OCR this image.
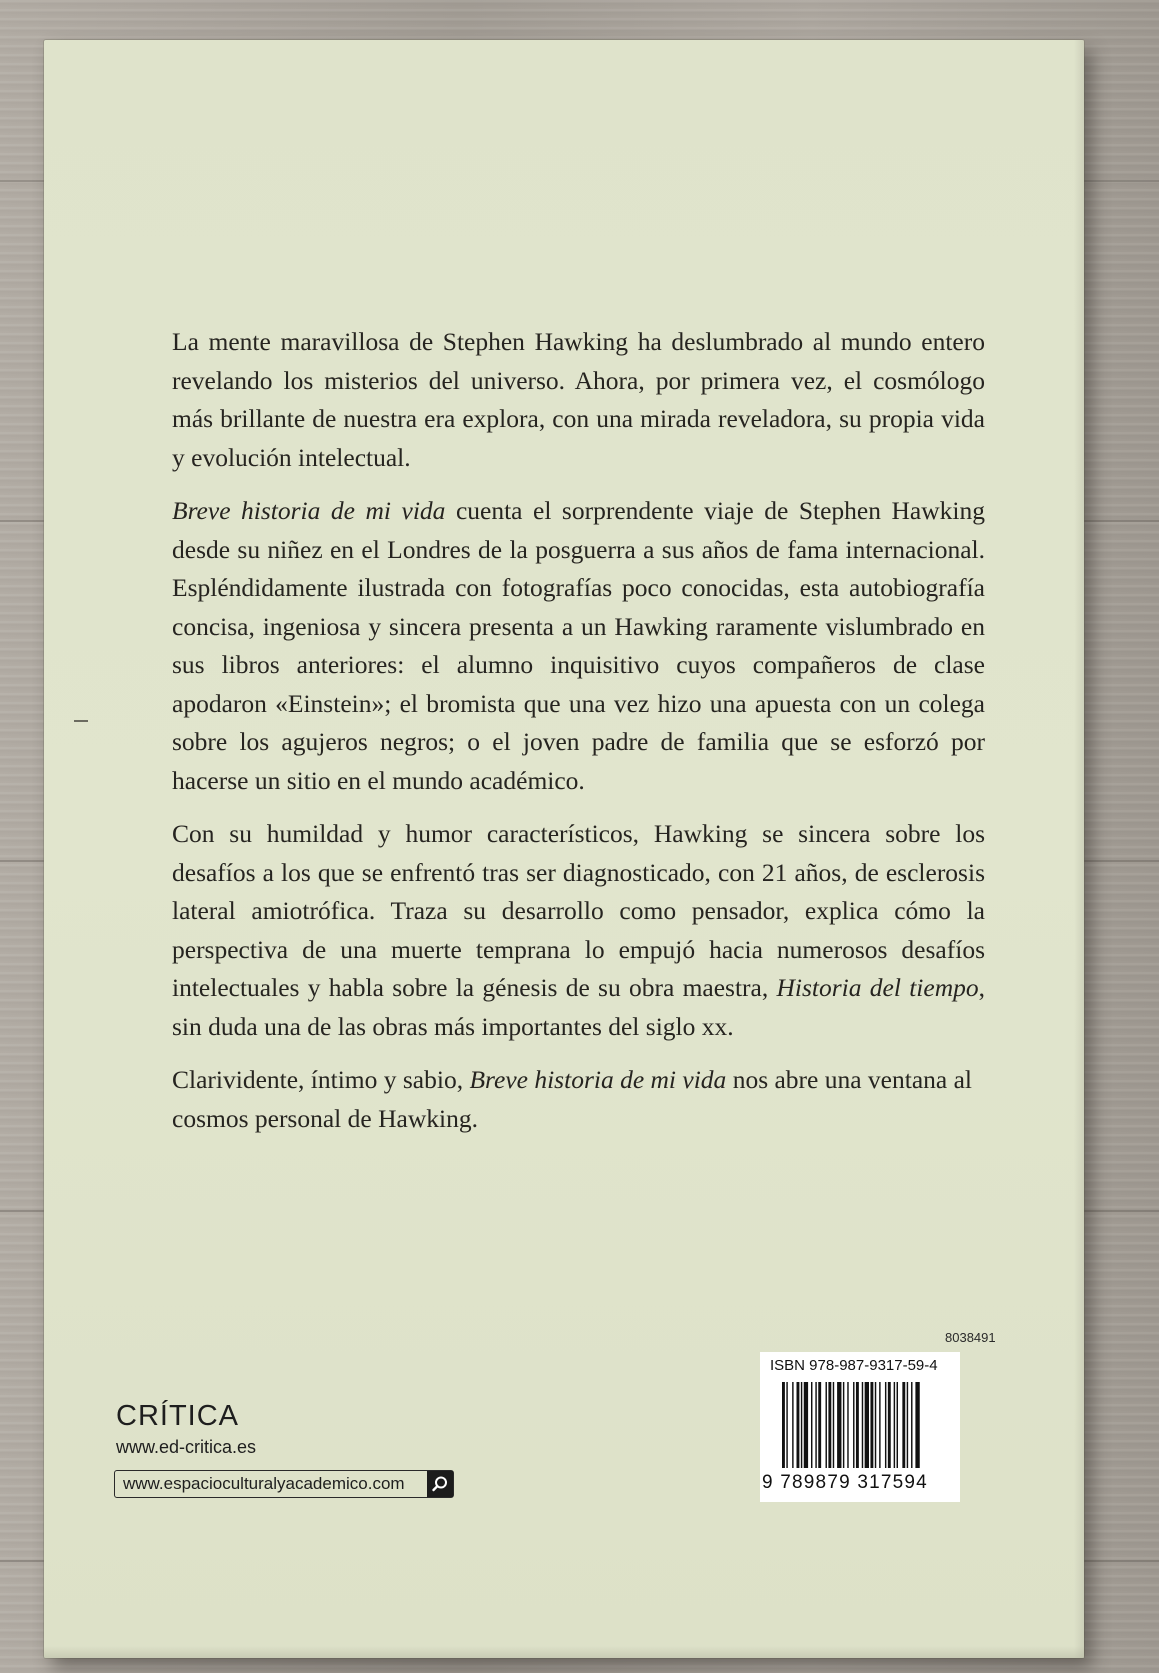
La mente maravillosa de Stephen Hawking ha deslumbrado al mundo entero revelando los misterios del universo. Ahora, por primera vez, el cosmólogo más brillante de nuestra era explora, con una mirada reveladora, su propia vida y evolución intelectual.

Breve historia de mi vida cuenta el sorprendente viaje de Stephen Hawking desde su niñez en el Londres de la posguerra a sus años de fama internacional. Espléndidamente ilustrada con fotografías poco conocidas, esta autobiografía concisa, ingeniosa y sincera presenta a un Hawking raramente vislumbrado en sus libros anteriores: el alumno inquisitivo cuyos compañeros de clase apodaron «Einstein»; el bromista que una vez hizo una apuesta con un colega sobre los agujeros negros; o el joven padre de familia que se esforzó por hacerse un sitio en el mundo académico.

Con su humildad y humor característicos, Hawking se sincera sobre los desafíos a los que se enfrentó tras ser diagnosticado, con 21 años, de esclerosis lateral amiotrófica. Traza su desarrollo como pensador, explica cómo la perspectiva de una muerte temprana lo empujó hacia numerosos desafíos intelectuales y habla sobre la génesis de su obra maestra, Historia del tiempo, sin duda una de las obras más importantes del siglo xx.

Clarividente, íntimo y sabio, Breve historia de mi vida nos abre una ventana al cosmos personal de Hawking.

CRÍTICA
www.ed-critica.es
www.espacioculturalyacademico.com
8038491
ISBN 978-987-9317-59-4
9 789879 317594
